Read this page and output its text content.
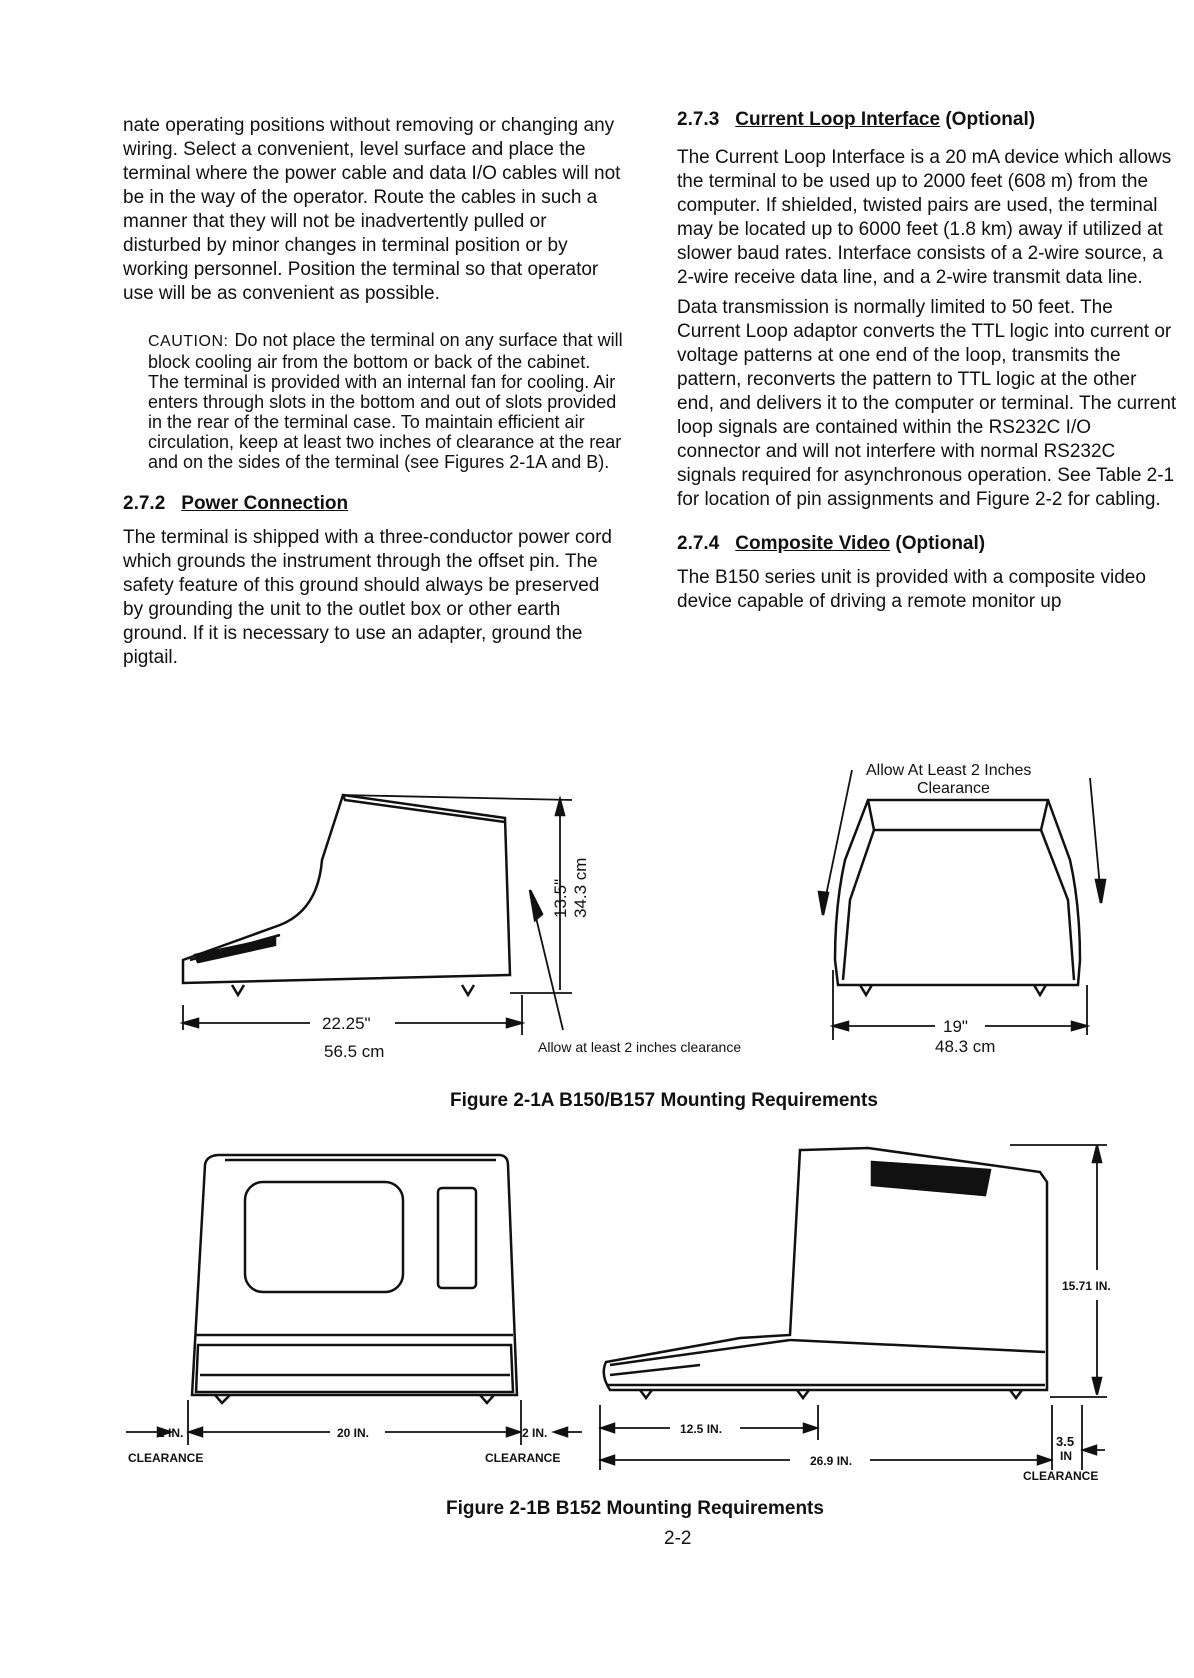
nate operating positions without removing or changing any wiring. Select a convenient, level surface and place the terminal where the power cable and data I/O cables will not be in the way of the operator. Route the cables in such a manner that they will not be inadvertently pulled or disturbed by minor changes in terminal position or by working personnel. Position the terminal so that operator use will be as convenient as possible.

CAUTION: Do not place the terminal on any surface that will block cooling air from the bottom or back of the cabinet. The terminal is provided with an internal fan for cooling. Air enters through slots in the bottom and out of slots provided in the rear of the terminal case. To maintain efficient air circulation, keep at least two inches of clearance at the rear and on the sides of the terminal (see Figures 2-1A and B).
2.7.2 Power Connection

The terminal is shipped with a three-conductor power cord which grounds the instrument through the offset pin. The safety feature of this ground should always be preserved by grounding the unit to the outlet box or other earth ground. If it is necessary to use an adapter, ground the pigtail.

2.7.3 Current Loop Interface (Optional)

The Current Loop Interface is a 20 mA device which allows the terminal to be used up to 2000 feet (608 m) from the computer. If shielded, twisted pairs are used, the terminal may be located up to 6000 feet (1.8 km) away if utilized at slower baud rates. Interface consists of a 2-wire source, a 2-wire receive data line, and a 2-wire transmit data line.

Data transmission is normally limited to 50 feet. The Current Loop adaptor converts the TTL logic into current or voltage patterns at one end of the loop, transmits the pattern, reconverts the pattern to TTL logic at the other end, and delivers it to the computer or terminal. The current loop signals are contained within the RS232C I/O connector and will not interfere with normal RS232C signals required for asynchronous operation. See Table 2-1 for location of pin assignments and Figure 2-2 for cabling.

2.7.4 Composite Video (Optional)

The B150 series unit is provided with a composite video device capable of driving a remote monitor up

13.5" 34.3 cm
22.25"
56.5 cm	Allow at least 2 inches clearance
Allow At Least 2 Inches
Clearance
19"
48.3 cm
Figure 2-1A B150/B157 Mounting Requirements
2 IN.	20 IN.	2 IN.
CLEARANCE	CLEARANCE
15.71 IN.
12.5 IN.
26.9 IN.
3.5
IN
CLEARANCE
Figure 2-1B B152 Mounting Requirements
2-2
